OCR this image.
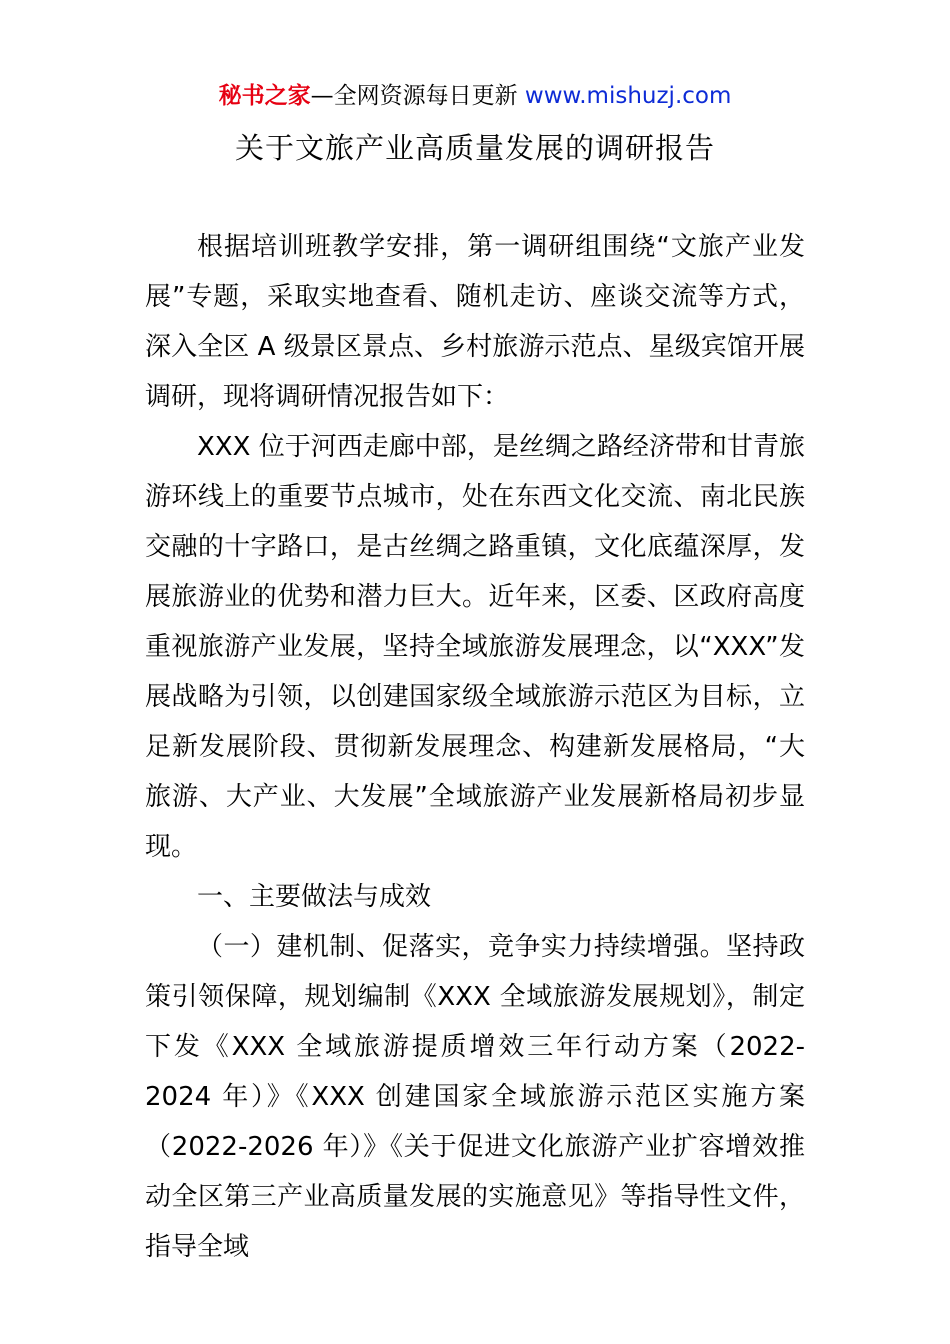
秘书之家—全网资源每日更新 www.mishuzj.com
关于文旅产业高质量发展的调研报告

根据培训班教学安排，第一调研组围绕“文旅产业发展”专题，采取实地查看、随机走访、座谈交流等方式，深入全区 A 级景区景点、乡村旅游示范点、星级宾馆开展调研，现将调研情况报告如下：

XXX 位于河西走廊中部，是丝绸之路经济带和甘青旅游环线上的重要节点城市，处在东西文化交流、南北民族交融的十字路口，是古丝绸之路重镇，文化底蕴深厚，发展旅游业的优势和潜力巨大。近年来，区委、区政府高度重视旅游产业发展，坚持全域旅游发展理念，以“XXX”发展战略为引领，以创建国家级全域旅游示范区为目标，立足新发展阶段、贯彻新发展理念、构建新发展格局，“大旅游、大产业、大发展”全域旅游产业发展新格局初步显现。

一、主要做法与成效

（一）建机制、促落实，竞争实力持续增强。坚持政策引领保障，规划编制《XXX 全域旅游发展规划》，制定下发《XXX 全域旅游提质增效三年行动方案（2022-2024 年）》《XXX 创建国家全域旅游示范区实施方案（2022-2026 年）》《关于促进文化旅游产业扩容增效推动全区第三产业高质量发展的实施意见》等指导性文件，指导全域
